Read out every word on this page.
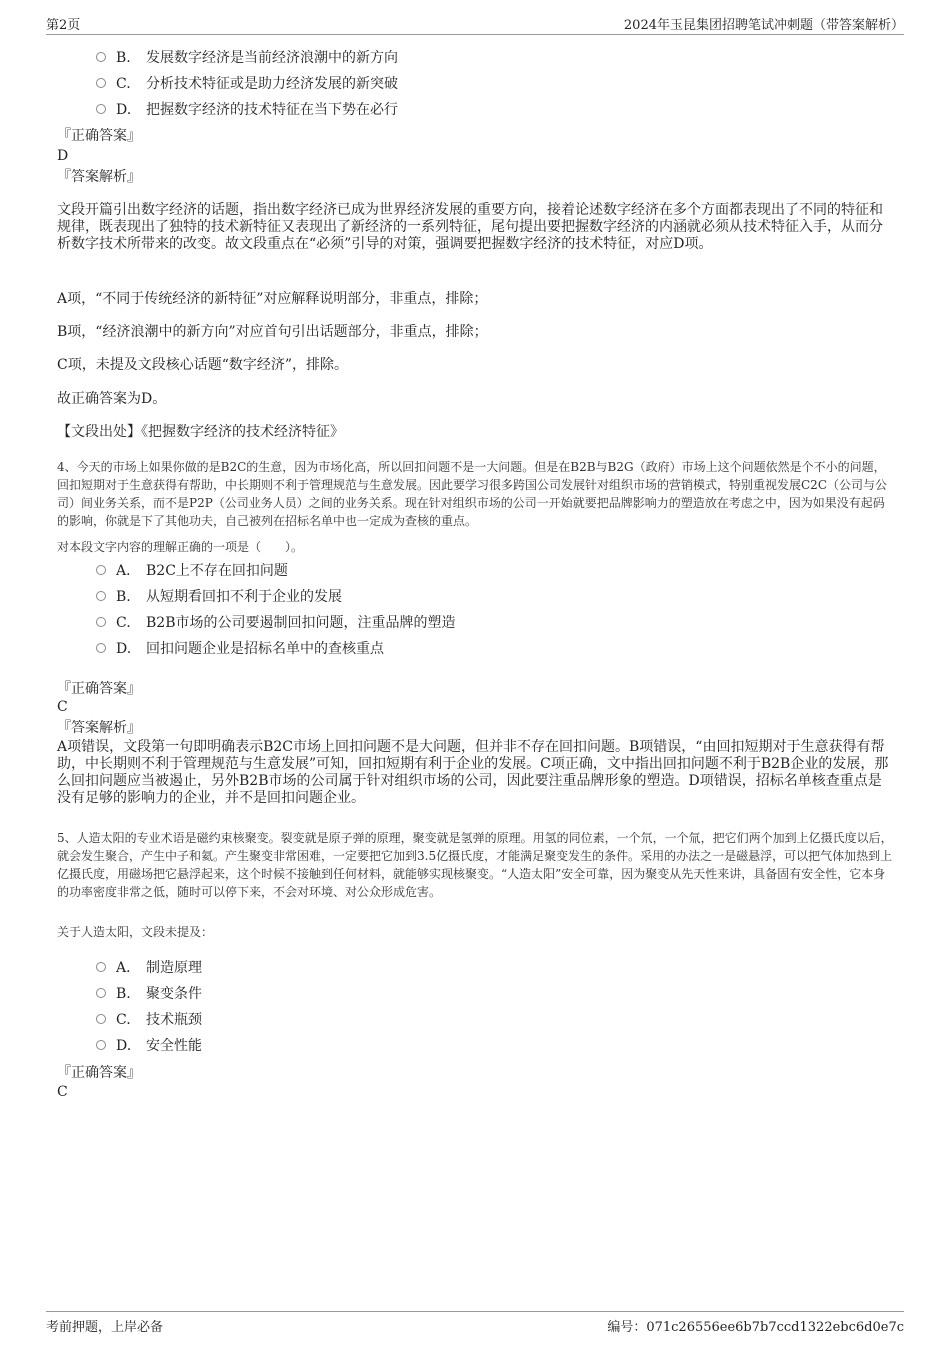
第2页	2024年玉昆集团招聘笔试冲刺题（带答案解析）
B. 发展数字经济是当前经济浪潮中的新方向
C. 分析技术特征或是助力经济发展的新突破
D. 把握数字经济的技术特征在当下势在必行
『正确答案』
D
『答案解析』
文段开篇引出数字经济的话题，指出数字经济已成为世界经济发展的重要方向，接着论述数字经济在多个方面都表现出了不同的特征和规律，既表现出了独特的技术新特征又表现出了新经济的一系列特征，尾句提出要把握数字经济的内涵就必须从技术特征入手，从而分析数字技术所带来的改变。故文段重点在“必须”引导的对策，强调要把握数字经济的技术特征，对应D项。
A项，“不同于传统经济的新特征”对应解释说明部分，非重点，排除；
B项，“经济浪潮中的新方向”对应首句引出话题部分，非重点，排除；
C项，未提及文段核心话题“数字经济”，排除。
故正确答案为D。
【文段出处】《把握数字经济的技术经济特征》
4、今天的市场上如果你做的是B2C的生意，因为市场化高，所以回扣问题不是一大问题。但是在B2B与B2G（政府）市场上这个问题依然是个不小的问题，回扣短期对于生意获得有帮助，中长期则不利于管理规范与生意发展。因此要学习很多跨国公司发展针对组织市场的营销模式，特别重视发展C2C（公司与公司）间业务关系，而不是P2P（公司业务人员）之间的业务关系。现在针对组织市场的公司一开始就要把品牌影响力的塑造放在考虑之中，因为如果没有起码的影响，你就是下了其他功夫，自己被列在招标名单中也一定成为查核的重点。
对本段文字内容的理解正确的一项是（　　）。
A． B2C上不存在回扣问题
B. 从短期看回扣不利于企业的发展
C. B2B市场的公司要遏制回扣问题，注重品牌的塑造
D. 回扣问题企业是招标名单中的查核重点
『正确答案』
C
『答案解析』
A项错误，文段第一句即明确表示B2C市场上回扣问题不是大问题，但并非不存在回扣问题。B项错误，“由回扣短期对于生意获得有帮助，中长期则不利于管理规范与生意发展”可知，回扣短期有利于企业的发展。C项正确，文中指出回扣问题不利于B2B企业的发展，那么回扣问题应当被遏止，另外B2B市场的公司属于针对组织市场的公司，因此要注重品牌形象的塑造。D项错误，招标名单核查重点是没有足够的影响力的企业，并不是回扣问题企业。
5、人造太阳的专业术语是磁约束核聚变。裂变就是原子弹的原理，聚变就是氢弹的原理。用氢的同位素，一个氘，一个氚，把它们两个加到上亿摄氏度以后，就会发生聚合，产生中子和氦。产生聚变非常困难，一定要把它加到3.5亿摄氏度，才能满足聚变发生的条件。采用的办法之一是磁悬浮，可以把气体加热到上亿摄氏度，用磁场把它悬浮起来，这个时候不接触到任何材料，就能够实现核聚变。“人造太阳”安全可靠，因为聚变从先天性来讲，具备固有安全性，它本身的功率密度非常之低，随时可以停下来，不会对环境、对公众形成危害。
关于人造太阳，文段未提及：
A． 制造原理
B. 聚变条件
C. 技术瓶颈
D. 安全性能
『正确答案』
C
考前押题，上岸必备	编号：071c26556ee6b7b7ccd1322ebc6d0e7c
